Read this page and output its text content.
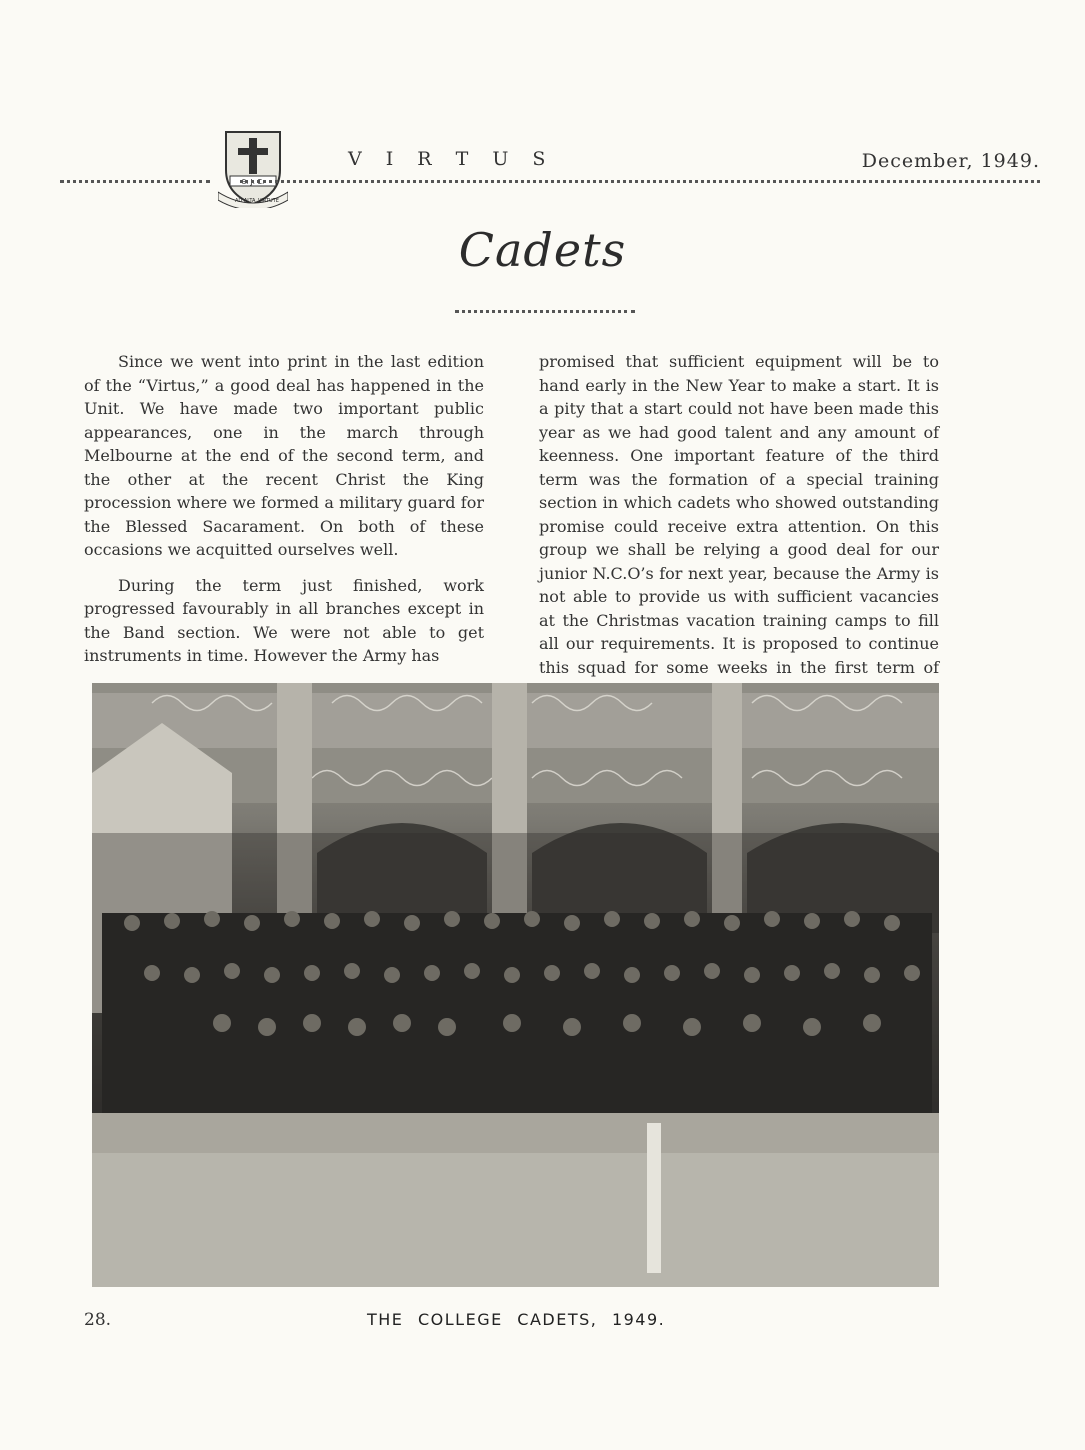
S. J. C.
AD ALTA VIRTUTE
V I R T U S	December, 1949.
Cadets

Since we went into print in the last edition of the “Virtus,” a good deal has happened in the Unit. We have made two important public appearances, one in the march through Melbourne at the end of the second term, and the other at the recent Christ the King procession where we formed a military guard for the Blessed Sacarament. On both of these occasions we acquitted ourselves well.

During the term just finished, work progressed favourably in all branches except in the Band section. We were not able to get instruments in time. However the Army has

promised that sufficient equipment will be to hand early in the New Year to make a start. It is a pity that a start could not have been made this year as we had good talent and any amount of keenness. One important feature of the third term was the formation of a special training section in which cadets who showed outstanding promise could receive extra attention. On this group we shall be relying a good deal for our junior N.C.O’s for next year, because the Army is not able to provide us with sufficient vacancies at the Christmas vacation training camps to fill all our requirements. It is proposed to continue this squad for some weeks in the first term of

28.	THE COLLEGE CADETS, 1949.
